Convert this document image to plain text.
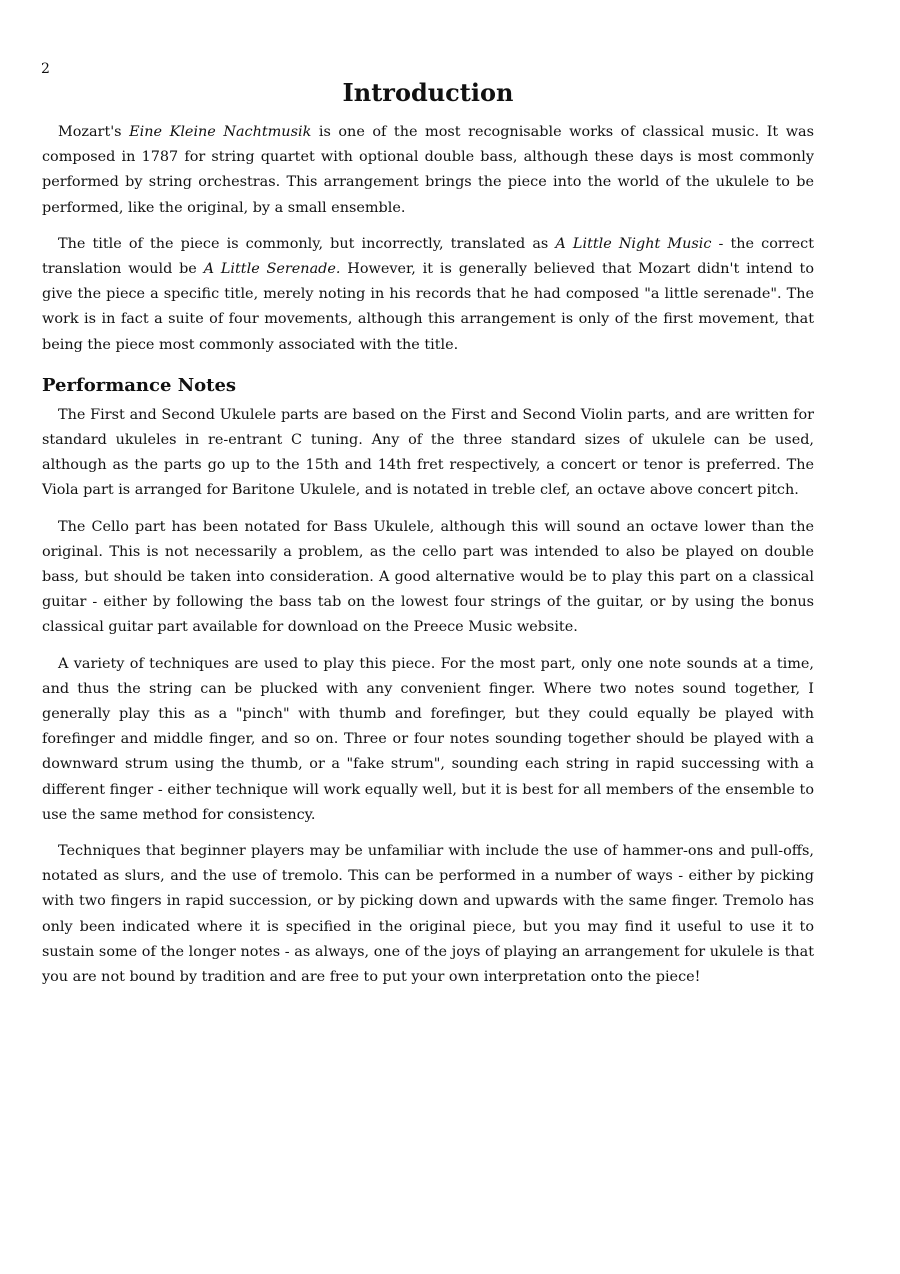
2
Introduction

Mozart's Eine Kleine Nachtmusik is one of the most recognisable works of classical music. It was composed in 1787 for string quartet with optional double bass, although these days is most commonly performed by string orchestras. This arrangement brings the piece into the world of the ukulele to be performed, like the original, by a small ensemble.

The title of the piece is commonly, but incorrectly, translated as A Little Night Music - the correct translation would be A Little Serenade. However, it is generally believed that Mozart didn't intend to give the piece a specific title, merely noting in his records that he had composed "a little serenade". The work is in fact a suite of four movements, although this arrangement is only of the first movement, that being the piece most commonly associated with the title.

Performance Notes

The First and Second Ukulele parts are based on the First and Second Violin parts, and are written for standard ukuleles in re-entrant C tuning. Any of the three standard sizes of ukulele can be used, although as the parts go up to the 15th and 14th fret respectively, a concert or tenor is preferred. The Viola part is arranged for Baritone Ukulele, and is notated in treble clef, an octave above concert pitch.

The Cello part has been notated for Bass Ukulele, although this will sound an octave lower than the original. This is not necessarily a problem, as the cello part was intended to also be played on double bass, but should be taken into consideration. A good alternative would be to play this part on a classical guitar - either by following the bass tab on the lowest four strings of the guitar, or by using the bonus classical guitar part available for download on the Preece Music website.

A variety of techniques are used to play this piece. For the most part, only one note sounds at a time, and thus the string can be plucked with any convenient finger. Where two notes sound together, I generally play this as a "pinch" with thumb and forefinger, but they could equally be played with forefinger and middle finger, and so on. Three or four notes sounding together should be played with a downward strum using the thumb, or a "fake strum", sounding each string in rapid successing with a different finger - either technique will work equally well, but it is best for all members of the ensemble to use the same method for consistency.

Techniques that beginner players may be unfamiliar with include the use of hammer-ons and pull-offs, notated as slurs, and the use of tremolo. This can be performed in a number of ways - either by picking with two fingers in rapid succession, or by picking down and upwards with the same finger. Tremolo has only been indicated where it is specified in the original piece, but you may find it useful to use it to sustain some of the longer notes - as always, one of the joys of playing an arrangement for ukulele is that you are not bound by tradition and are free to put your own interpretation onto the piece!
